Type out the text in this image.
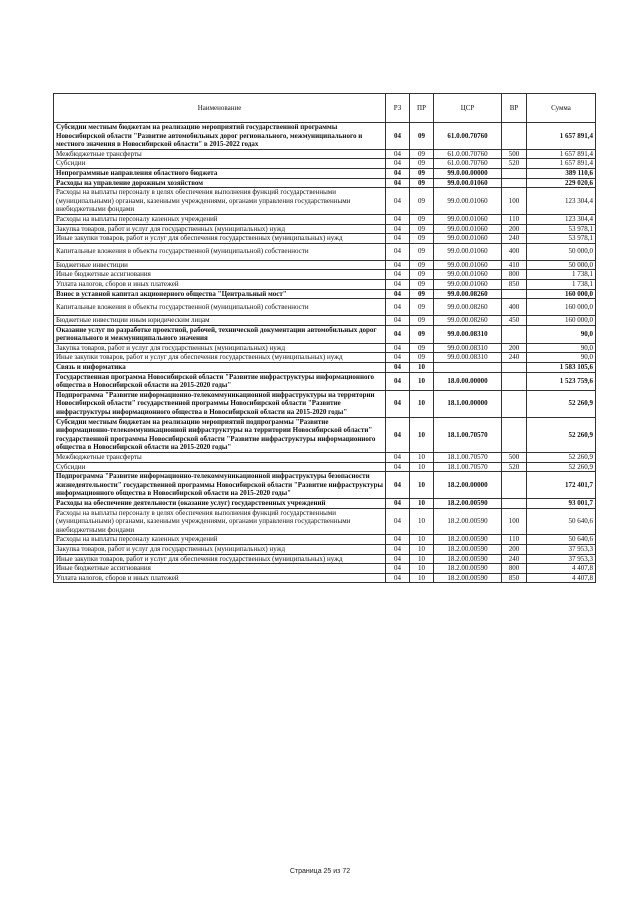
Наименование	РЗ	ПР	ЦСР	ВР	Сумма
Субсидии местным бюджетам на реализацию мероприятий государственной программы Новосибирской области "Развитие автомобильных дорог регионального, межмуниципального и местного значения в Новосибирской области" в 2015-2022 годах	04	09	61.0.00.70760		1 657 891,4
Межбюджетные трансферты	04	09	61.0.00.70760	500	1 657 891,4
Субсидии	04	09	61.0.00.70760	520	1 657 891,4
Непрограммные направления областного бюджета	04	09	99.0.00.00000		389 110,6
Расходы на управление дорожным хозяйством	04	09	99.0.00.01060		229 020,6
Расходы на выплаты персоналу в целях обеспечения выполнения функций государственными (муниципальными) органами, казенными учреждениями, органами управления государственными внебюджетными фондами	04	09	99.0.00.01060	100	123 304,4
Расходы на выплаты персоналу казенных учреждений	04	09	99.0.00.01060	110	123 304,4
Закупка товаров, работ и услуг для государственных (муниципальных) нужд	04	09	99.0.00.01060	200	53 978,1
Иные закупки товаров, работ и услуг для обеспечения государственных (муниципальных) нужд	04	09	99.0.00.01060	240	53 978,1
Капитальные вложения в объекты государственной (муниципальной) собственности	04	09	99.0.00.01060	400	50 000,0
Бюджетные инвестиции	04	09	99.0.00.01060	410	50 000,0
Иные бюджетные ассигнования	04	09	99.0.00.01060	800	1 738,1
Уплата налогов, сборов и иных платежей	04	09	99.0.00.01060	850	1 738,1
Взнос в уставной капитал акционерного общества "Центральный мост"	04	09	99.0.00.08260		160 000,0
Капитальные вложения в объекты государственной (муниципальной) собственности	04	09	99.0.00.08260	400	160 000,0
Бюджетные инвестиции иным юридическим лицам	04	09	99.0.00.08260	450	160 000,0
Оказание услуг по разработке проектной, рабочей, технической документации автомобильных дорог регионального и межмуниципального значения	04	09	99.0.00.08310		90,0
Закупка товаров, работ и услуг для государственных (муниципальных) нужд	04	09	99.0.00.08310	200	90,0
Иные закупки товаров, работ и услуг для обеспечения государственных (муниципальных) нужд	04	09	99.0.00.08310	240	90,0
Связь и информатика	04	10			1 583 105,6
Государственная программа Новосибирской области "Развитие инфраструктуры информационного общества в Новосибирской области на 2015-2020 годы"	04	10	18.0.00.00000		1 523 759,6
Подпрограмма "Развитие информационно-телекоммуникационной инфраструктуры на территории Новосибирской области" государственной программы Новосибирской области "Развитие инфраструктуры информационного общества в Новосибирской области на 2015-2020 годы"	04	10	18.1.00.00000		52 260,9
Субсидии местным бюджетам на реализацию мероприятий подпрограммы "Развитие информационно-телекоммуникационной инфраструктуры на территории Новосибирской области" государственной программы Новосибирской области "Развитие инфраструктуры информационного общества в Новосибирской области на 2015-2020 годы"	04	10	18.1.00.70570		52 260,9
Межбюджетные трансферты	04	10	18.1.00.70570	500	52 260,9
Субсидии	04	10	18.1.00.70570	520	52 260,9
Подпрограмма "Развитие информационно-телекоммуникационной инфраструктуры безопасности жизнедеятельности" государственной программы Новосибирской области "Развитие инфраструктуры информационного общества в Новосибирской области на 2015-2020 годы"	04	10	18.2.00.00000		172 401,7
Расходы на обеспечение деятельности (оказание услуг) государственных учреждений	04	10	18.2.00.00590		93 001,7
Расходы на выплаты персоналу в целях обеспечения выполнения функций государственными (муниципальными) органами, казенными учреждениями, органами управления государственными внебюджетными фондами	04	10	18.2.00.00590	100	50 640,6
Расходы на выплаты персоналу казенных учреждений	04	10	18.2.00.00590	110	50 640,6
Закупка товаров, работ и услуг для государственных (муниципальных) нужд	04	10	18.2.00.00590	200	37 953,3
Иные закупки товаров, работ и услуг для обеспечения государственных (муниципальных) нужд	04	10	18.2.00.00590	240	37 953,3
Иные бюджетные ассигнования	04	10	18.2.00.00590	800	4 407,8
Уплата налогов, сборов и иных платежей	04	10	18.2.00.00590	850	4 407,8
Страница 25 из 72
